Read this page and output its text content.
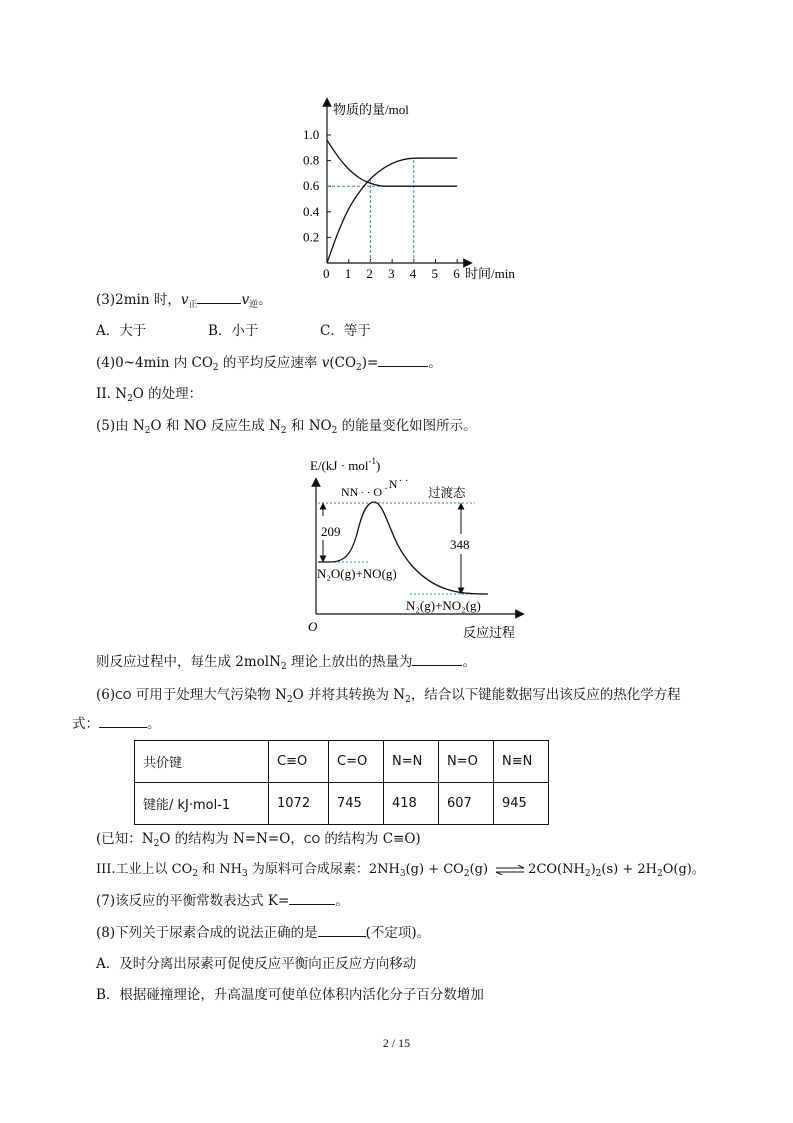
物质的量/mol
时间/min
0.2
0.4
0.6
0.8
1.0
0 1 2 3 4 5 6
(3)2min 时，$v_正$	$v_逆$。
A．大于	B．小于	C．等于
(4)0~4min 内 $CO_2$ 的平均反应速率 $v(CO_2)=$	。
II. $N_2O$ 的处理：
(5)由 $N_2O$ 和 NO 反应生成 $N_2$ 和 $NO_2$ 的能量变化如图所示。
E/(kJ · mol$^{-1}$)
O	反应过程
209
348
NN · · O ·N· ·
过渡态
N₂O(g)+NO(g)
N₂(g)+NO₂(g)
则反应过程中，每生成 2molN$_2$ 理论上放出的热量为	。
(6)CO 可用于处理大气污染物 $N_2O$ 并将其转换为 $N_2$，结合以下键能数据写出该反应的热化学方程
式：	。
共价键	C≡O	C=O	N=N	N=O	N≡N
键能/ kJ·mol-1	1072	745	418	607	945
(已知：$N_2O$ 的结构为 N=N=O，CO 的结构为 C≡O)
III.工业上以 $CO_2$ 和 $NH_3$ 为原料可合成尿素：$2NH_3(g) + CO_2(g)$ ⇌ $2CO(NH_2)_2(s) + 2H_2O(g)$。
(7)该反应的平衡常数表达式 K=	。
(8)下列关于尿素合成的说法正确的是	(不定项)。
A．及时分离出尿素可促使反应平衡向正反应方向移动
B．根据碰撞理论，升高温度可使单位体积内活化分子百分数增加
2 / 15
